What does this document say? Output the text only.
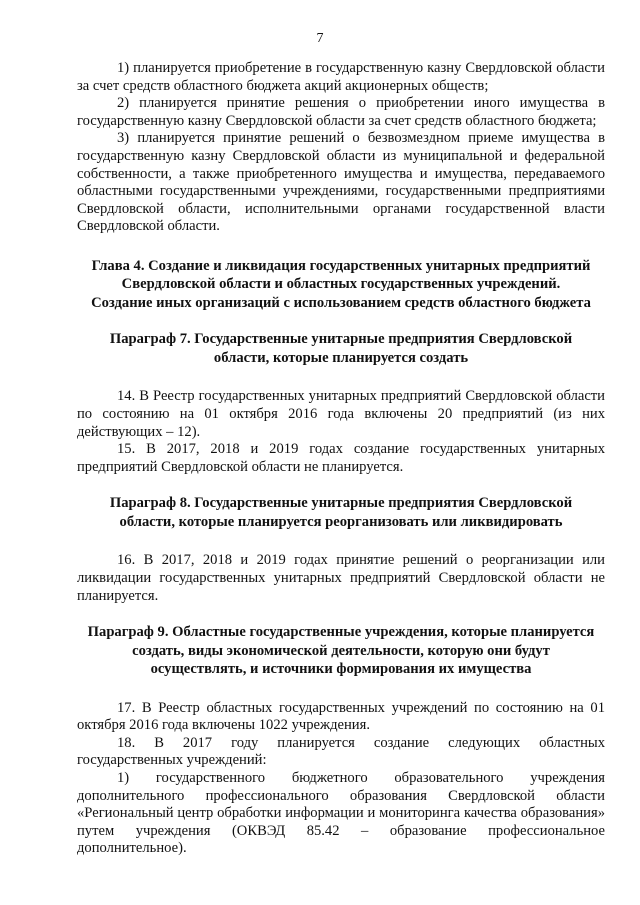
7

1) планируется приобретение в государственную казну Свердловской области за счет средств областного бюджета акций акционерных обществ;

2) планируется принятие решения о приобретении иного имущества в государственную казну Свердловской области за счет средств областного бюджета;

3) планируется принятие решений о безвозмездном приеме имущества в государственную казну Свердловской области из муниципальной и федеральной собственности, а также приобретенного имущества и имущества, передаваемого областными государственными учреждениями, государственными предприятиями Свердловской области, исполнительными органами государственной власти Свердловской области.

Глава 4. Создание и ликвидация государственных унитарных предприятий
Свердловской области и областных государственных учреждений.
Создание иных организаций с использованием средств областного бюджета
Параграф 7. Государственные унитарные предприятия Свердловской
области, которые планируется создать

14. В Реестр государственных унитарных предприятий Свердловской области по состоянию на 01 октября 2016 года включены 20 предприятий (из них действующих – 12).

15. В 2017, 2018 и 2019 годах создание государственных унитарных предприятий Свердловской области не планируется.

Параграф 8. Государственные унитарные предприятия Свердловской
области, которые планируется реорганизовать или ликвидировать

16. В 2017, 2018 и 2019 годах принятие решений о реорганизации или ликвидации государственных унитарных предприятий Свердловской области не планируется.

Параграф 9. Областные государственные учреждения, которые планируется
создать, виды экономической деятельности, которую они будут
осуществлять, и источники формирования их имущества

17. В Реестр областных государственных учреждений по состоянию на 01 октября 2016 года включены 1022 учреждения.

18. В 2017 году планируется создание следующих областных государственных учреждений:

1) государственного бюджетного образовательного учреждения дополнительного профессионального образования Свердловской области «Региональный центр обработки информации и мониторинга качества образования» путем учреждения (ОКВЭД 85.42 – образование профессиональное дополнительное).
